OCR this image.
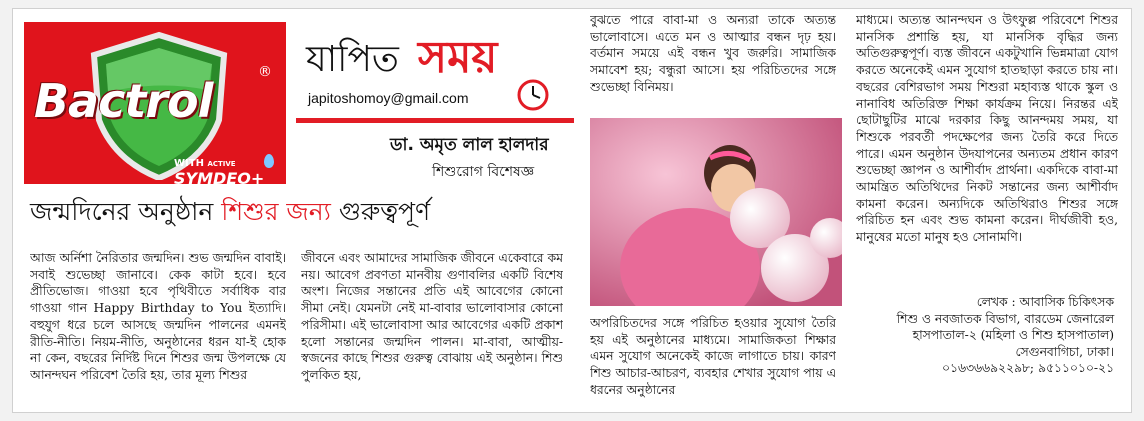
Bactrol
®
WITH ACTIVE SYMDEO+
যাপিত সময়
japitoshomoy@gmail.com
ডা. অমৃত লাল হালদার
শিশুরোগ বিশেষজ্ঞ
জন্মদিনের অনুষ্ঠান শিশুর জন্য গুরুত্বপূর্ণ
আজ অর্নিশা নৈরিতার জন্মদিন। শুভ জন্মদিন বাবাই। সবাই শুভেচ্ছা জানাবে। কেক কাটা হবে। হবে প্রীতিভোজ। গাওয়া হবে পৃথিবীতে সর্বাধিক বার গাওয়া গান Happy Birthday to You ইত্যাদি। বহুযুগ ধরে চলে আসছে জন্মদিন পালনের এমনই রীতি-নীতি। নিয়ম-নীতি, অনুষ্ঠানের ধরন যা-ই হোক না কেন, বছরের নির্দিষ্ট দিনে শিশুর জন্ম উপলক্ষে যে আনন্দঘন পরিবেশ তৈরি হয়, তার মূল্য শিশুর
জীবনে এবং আমাদের সামাজিক জীবনে একেবারে কম নয়। আবেগ প্রবণতা মানবীয় গুণাবলির একটি বিশেষ অংশ। নিজের সন্তানের প্রতি এই আবেগের কোনো সীমা নেই। যেমনটা নেই মা-বাবার ভালোবাসার কোনো পরিসীমা। এই ভালোবাসা আর আবেগের একটি প্রকাশ হলো সন্তানের জন্মদিন পালন। মা-বাবা, আত্মীয়-স্বজনের কাছে শিশুর গুরুত্ব বোঝায় এই অনুষ্ঠান। শিশু পুলকিত হয়,
বুঝতে পারে বাবা-মা ও অন্যরা তাকে অত্যন্ত ভালোবাসে। এতে মন ও আত্মার বন্ধন দৃঢ় হয়। বর্তমান সময়ে এই বন্ধন খুব জরুরি। সামাজিক সমাবেশ হয়; বন্ধুরা আসে। হয় পরিচিতদের সঙ্গে শুভেচ্ছা বিনিময়।
অপরিচিতদের সঙ্গে পরিচিত হওয়ার সুযোগ তৈরি হয় এই অনুষ্ঠানের মাধ্যমে। সামাজিকতা শিক্ষার এমন সুযোগ অনেকেই কাজে লাগাতে চায়। কারণ শিশু আচার-আচরণ, ব্যবহার শেখার সুযোগ পায় এ ধরনের অনুষ্ঠানের
মাধ্যমে। অত্যন্ত আনন্দঘন ও উৎফুল্ল পরিবেশে শিশুর মানসিক প্রশান্তি হয়, যা মানসিক বৃদ্ধির জন্য অতিগুরুত্বপূর্ণ। ব্যস্ত জীবনে একটুখানি ভিন্নমাত্রা যোগ করতে অনেকেই এমন সুযোগ হাতছাড়া করতে চায় না। বছরের বেশিরভাগ সময় শিশুরা মহাব্যস্ত থাকে স্কুল ও নানাবিধ অতিরিক্ত শিক্ষা কার্যক্রম নিয়ে। নিরন্তর এই ছোটাছুটির মাঝে দরকার কিছু আনন্দময় সময়, যা শিশুকে পরবর্তী পদক্ষেপের জন্য তৈরি করে দিতে পারে। এমন অনুষ্ঠান উদযাপনের অন্যতম প্রধান কারণ শুভেচ্ছা জ্ঞাপন ও আশীর্বাদ প্রার্থনা। একদিকে বাবা-মা আমন্ত্রিত অতিথিদের নিকট সন্তানের জন্য আশীর্বাদ কামনা করেন। অন্যদিকে অতিথিরাও শিশুর সঙ্গে পরিচিত হন এবং শুভ কামনা করেন। দীর্ঘজীবী হও, মানুষের মতো মানুষ হও সোনামণি।
লেখক : আবাসিক চিকিৎসক
শিশু ও নবজাতক বিভাগ, বারডেম জেনারেল
হাসপাতাল-২ (মহিলা ও শিশু হাসপাতাল)
সেগুনবাগিচা, ঢাকা।
০১৬৩৬৬৯২২৯৮; ৯৫১১০১০-২১
